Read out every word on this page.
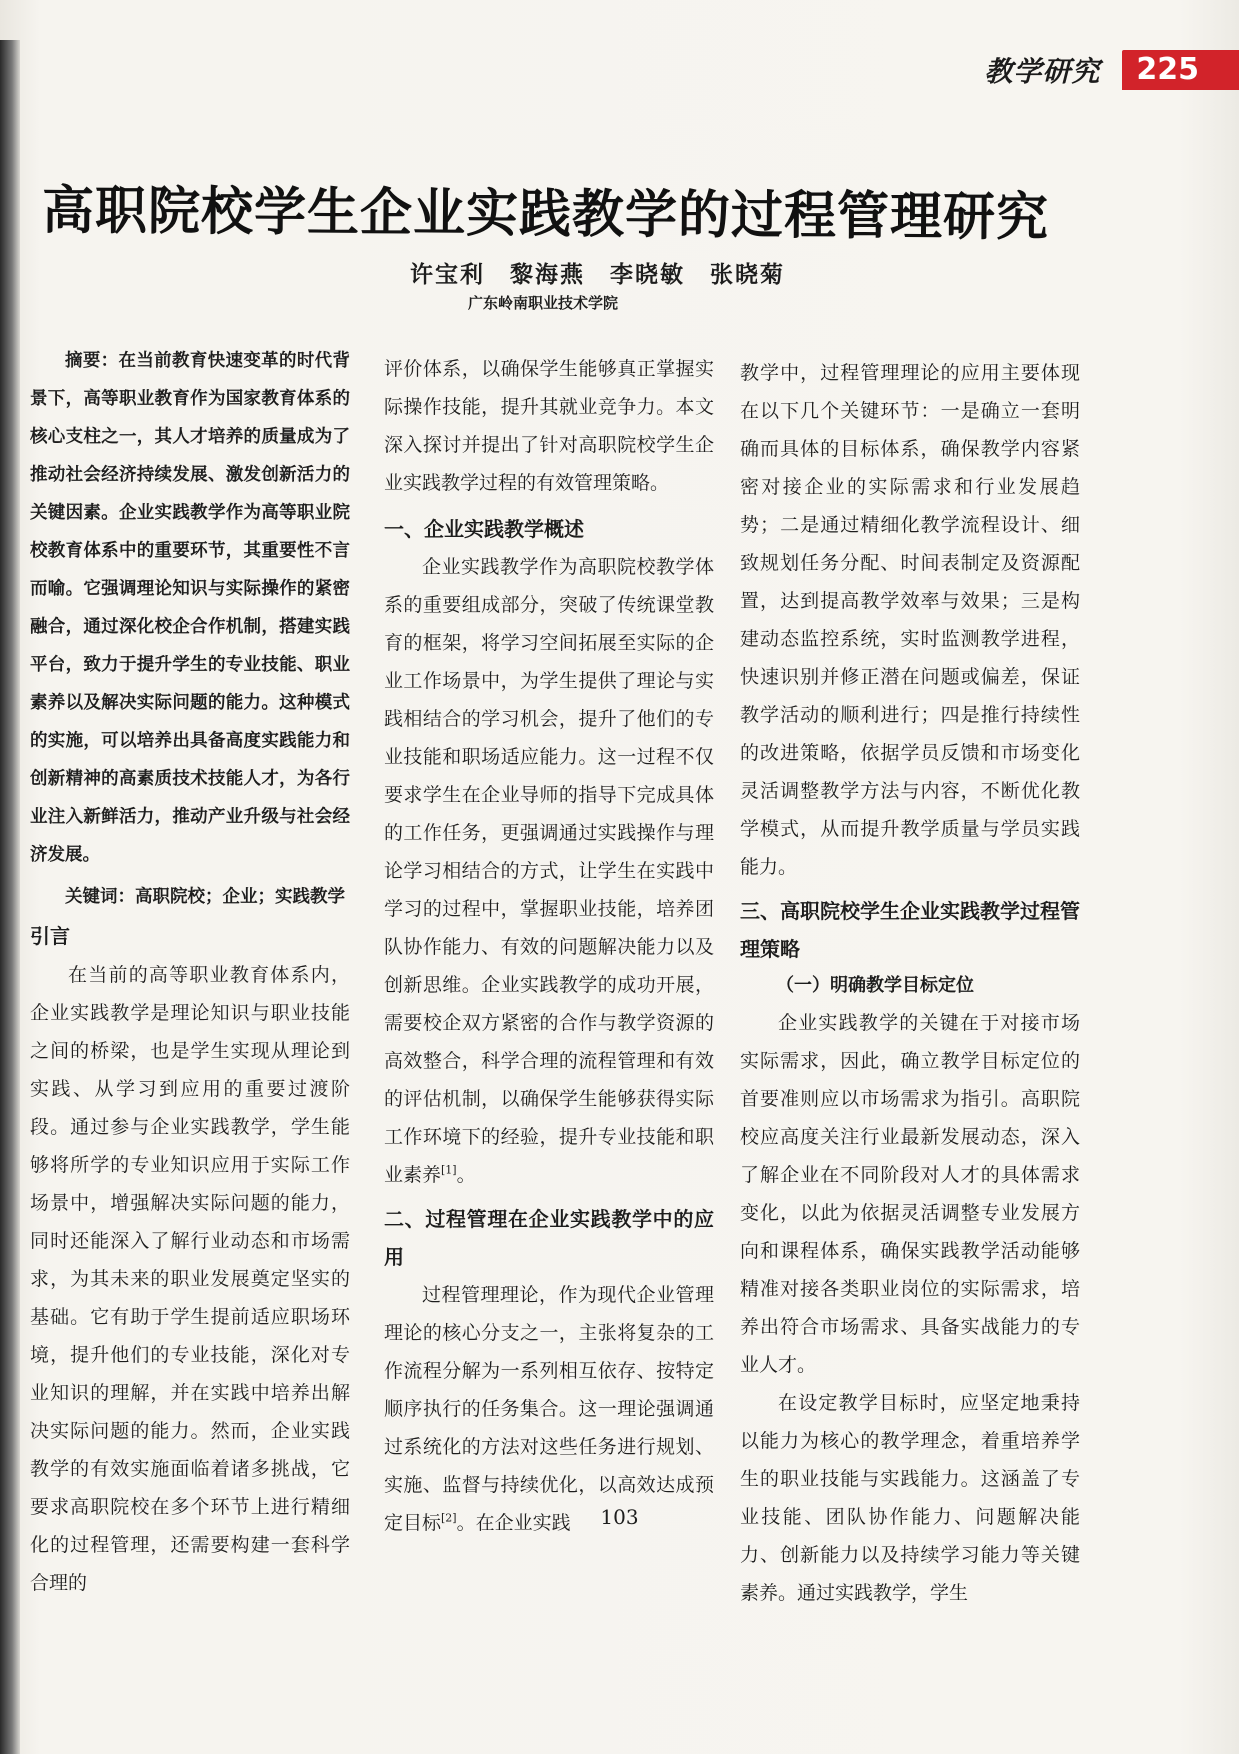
教学研究	225
高职院校学生企业实践教学的过程管理研究
许宝利　黎海燕　李晓敏　张晓菊
广东岭南职业技术学院

摘要：在当前教育快速变革的时代背景下，高等职业教育作为国家教育体系的核心支柱之一，其人才培养的质量成为了推动社会经济持续发展、激发创新活力的关键因素。企业实践教学作为高等职业院校教育体系中的重要环节，其重要性不言而喻。它强调理论知识与实际操作的紧密融合，通过深化校企合作机制，搭建实践平台，致力于提升学生的专业技能、职业素养以及解决实际问题的能力。这种模式的实施，可以培养出具备高度实践能力和创新精神的高素质技术技能人才，为各行业注入新鲜活力，推动产业升级与社会经济发展。

关键词：高职院校；企业；实践教学

引言

在当前的高等职业教育体系内，企业实践教学是理论知识与职业技能之间的桥梁，也是学生实现从理论到实践、从学习到应用的重要过渡阶段。通过参与企业实践教学，学生能够将所学的专业知识应用于实际工作场景中，增强解决实际问题的能力，同时还能深入了解行业动态和市场需求，为其未来的职业发展奠定坚实的基础。它有助于学生提前适应职场环境，提升他们的专业技能，深化对专业知识的理解，并在实践中培养出解决实际问题的能力。然而，企业实践教学的有效实施面临着诸多挑战，它要求高职院校在多个环节上进行精细化的过程管理，还需要构建一套科学合理的

评价体系，以确保学生能够真正掌握实际操作技能，提升其就业竞争力。本文深入探讨并提出了针对高职院校学生企业实践教学过程的有效管理策略。

一、企业实践教学概述

企业实践教学作为高职院校教学体系的重要组成部分，突破了传统课堂教育的框架，将学习空间拓展至实际的企业工作场景中，为学生提供了理论与实践相结合的学习机会，提升了他们的专业技能和职场适应能力。这一过程不仅要求学生在企业导师的指导下完成具体的工作任务，更强调通过实践操作与理论学习相结合的方式，让学生在实践中学习的过程中，掌握职业技能，培养团队协作能力、有效的问题解决能力以及创新思维。企业实践教学的成功开展，需要校企双方紧密的合作与教学资源的高效整合，科学合理的流程管理和有效的评估机制，以确保学生能够获得实际工作环境下的经验，提升专业技能和职业素养[1]。

二、过程管理在企业实践教学中的应用

过程管理理论，作为现代企业管理理论的核心分支之一，主张将复杂的工作流程分解为一系列相互依存、按特定顺序执行的任务集合。这一理论强调通过系统化的方法对这些任务进行规划、实施、监督与持续优化，以高效达成预定目标[2]。在企业实践

教学中，过程管理理论的应用主要体现在以下几个关键环节：一是确立一套明确而具体的目标体系，确保教学内容紧密对接企业的实际需求和行业发展趋势；二是通过精细化教学流程设计、细致规划任务分配、时间表制定及资源配置，达到提高教学效率与效果；三是构建动态监控系统，实时监测教学进程，快速识别并修正潜在问题或偏差，保证教学活动的顺利进行；四是推行持续性的改进策略，依据学员反馈和市场变化灵活调整教学方法与内容，不断优化教学模式，从而提升教学质量与学员实践能力。

三、高职院校学生企业实践教学过程管理策略

（一）明确教学目标定位

企业实践教学的关键在于对接市场实际需求，因此，确立教学目标定位的首要准则应以市场需求为指引。高职院校应高度关注行业最新发展动态，深入了解企业在不同阶段对人才的具体需求变化，以此为依据灵活调整专业发展方向和课程体系，确保实践教学活动能够精准对接各类职业岗位的实际需求，培养出符合市场需求、具备实战能力的专业人才。

在设定教学目标时，应坚定地秉持以能力为核心的教学理念，着重培养学生的职业技能与实践能力。这涵盖了专业技能、团队协作能力、问题解决能力、创新能力以及持续学习能力等关键素养。通过实践教学，学生

103
